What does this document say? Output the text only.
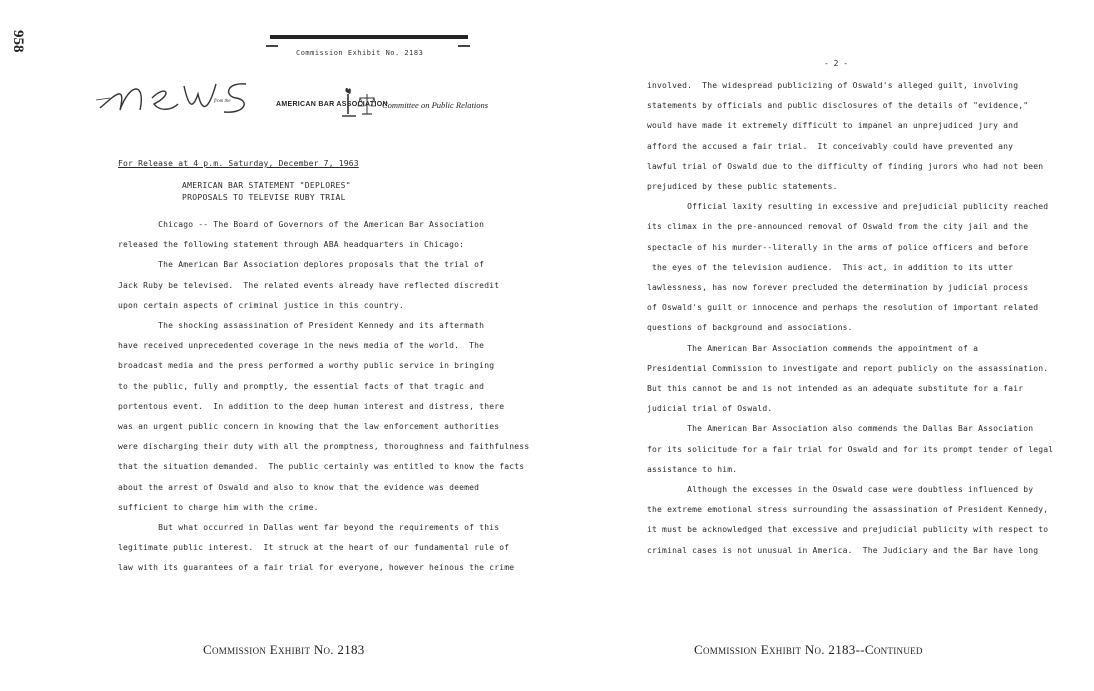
958
Commission Exhibit No. 2183

from the	AMERICAN BAR ASSOCIATION
Committee on Public Relations

For Release at 4 p.m. Saturday, December 7, 1963
AMERICAN BAR STATEMENT "DEPLORES"
PROPOSALS TO TELEVISE RUBY TRIAL

Chicago -- The Board of Governors of the American Bar Association

released the following statement through ABA headquarters in Chicago:

The American Bar Association deplores proposals that the trial of

Jack Ruby be televised.  The related events already have reflected discredit

upon certain aspects of criminal justice in this country.

The shocking assassination of President Kennedy and its aftermath

have received unprecedented coverage in the news media of the world.  The

broadcast media and the press performed a worthy public service in bringing

to the public, fully and promptly, the essential facts of that tragic and

portentous event.  In addition to the deep human interest and distress, there

was an urgent public concern in knowing that the law enforcement authorities

were discharging their duty with all the promptness, thoroughness and faithfulness

that the situation demanded.  The public certainly was entitled to know the facts

about the arrest of Oswald and also to know that the evidence was deemed

sufficient to charge him with the crime.

But what occurred in Dallas went far beyond the requirements of this

legitimate public interest.  It struck at the heart of our fundamental rule of

law with its guarantees of a fair trial for everyone, however heinous the crime

Commission Exhibit No. 2183
- 2 -

involved.  The widespread publicizing of Oswald's alleged guilt, involving

statements by officials and public disclosures of the details of "evidence,"

would have made it extremely difficult to impanel an unprejudiced jury and

afford the accused a fair trial.  It conceivably could have prevented any

lawful trial of Oswald due to the difficulty of finding jurors who had not been

prejudiced by these public statements.

Official laxity resulting in excessive and prejudicial publicity reached

its climax in the pre-announced removal of Oswald from the city jail and the

spectacle of his murder--literally in the arms of police officers and before

the eyes of the television audience.  This act, in addition to its utter

lawlessness, has now forever precluded the determination by judicial process

of Oswald's guilt or innocence and perhaps the resolution of important related

questions of background and associations.

The American Bar Association commends the appointment of a

Presidential Commission to investigate and report publicly on the assassination.

But this cannot be and is not intended as an adequate substitute for a fair

judicial trial of Oswald.

The American Bar Association also commends the Dallas Bar Association

for its solicitude for a fair trial for Oswald and for its prompt tender of legal

assistance to him.

Although the excesses in the Oswald case were doubtless influenced by

the extreme emotional stress surrounding the assassination of President Kennedy,

it must be acknowledged that excessive and prejudicial publicity with respect to

criminal cases is not unusual in America.  The Judiciary and the Bar have long

Commission Exhibit No. 2183--Continued
